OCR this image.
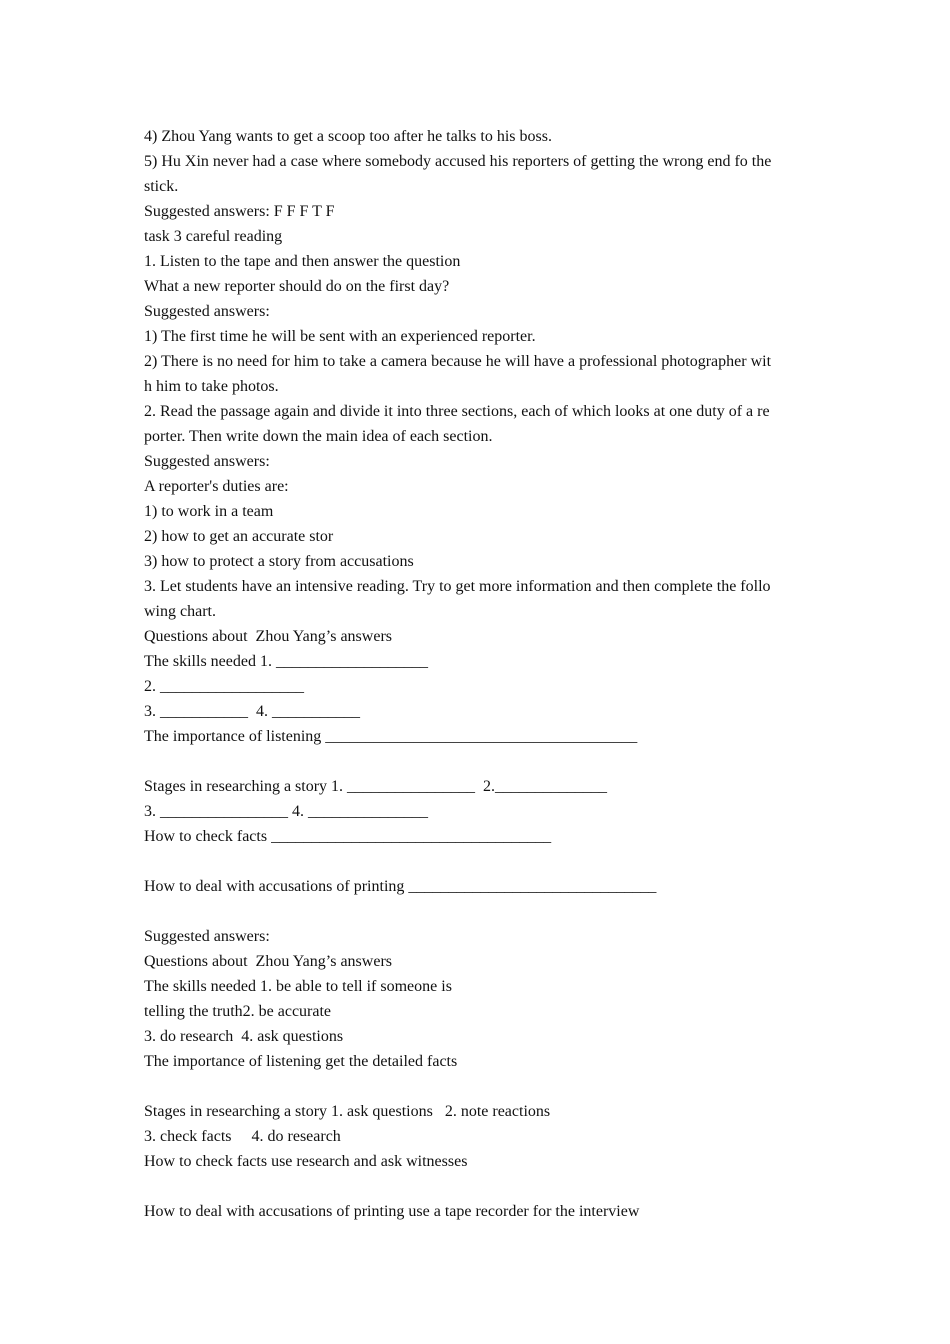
4) Zhou Yang wants to get a scoop too after he talks to his boss.
5) Hu Xin never had a case where somebody accused his reporters of getting the wrong end fo the
stick.
Suggested answers: F F F T F
task 3 careful reading
1. Listen to the tape and then answer the question
What a new reporter should do on the first day?
Suggested answers:
1) The first time he will be sent with an experienced reporter.
2) There is no need for him to take a camera because he will have a professional photographer wit
h him to take photos.
2. Read the passage again and divide it into three sections, each of which looks at one duty of a re
porter. Then write down the main idea of each section.
Suggested answers:
A reporter's duties are:
1) to work in a team
2) how to get an accurate stor
3) how to protect a story from accusations
3. Let students have an intensive reading. Try to get more information and then complete the follo
wing chart.
Questions about  Zhou Yang’s answers
The skills needed 1. ___________________
2. __________________
3. ___________  4. ___________
The importance of listening _______________________________________
Stages in researching a story 1. ________________  2.______________
3. ________________ 4. _______________
How to check facts ___________________________________
How to deal with accusations of printing _______________________________
Suggested answers:
Questions about  Zhou Yang’s answers
The skills needed 1. be able to tell if someone is
telling the truth2. be accurate
3. do research  4. ask questions
The importance of listening get the detailed facts
Stages in researching a story 1. ask questions   2. note reactions
3. check facts     4. do research
How to check facts use research and ask witnesses
How to deal with accusations of printing use a tape recorder for the interview
